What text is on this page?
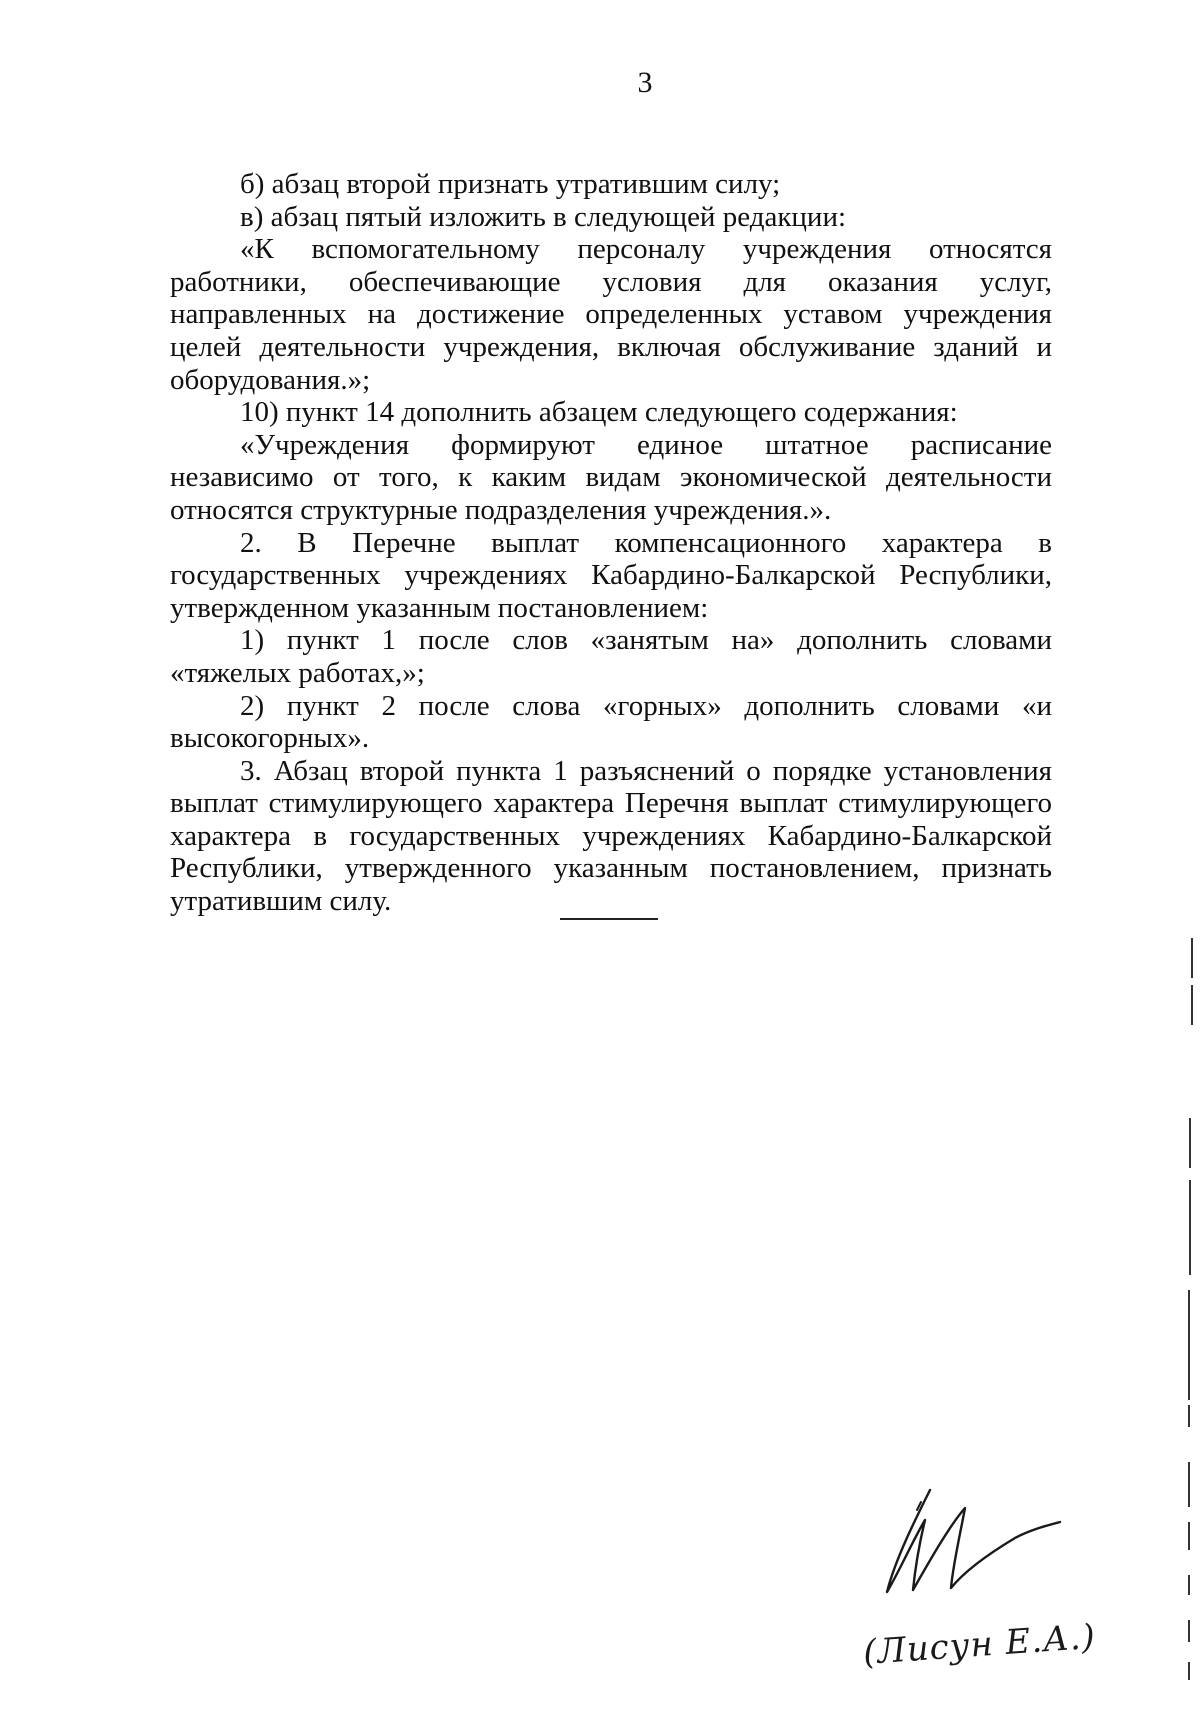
3

б) абзац второй признать утратившим силу;

в) абзац пятый изложить в следующей редакции:

«К вспомогательному персоналу учреждения относятся работники, обеспечивающие условия для оказания услуг, направленных на достижение определенных уставом учреждения целей деятельности учреждения, включая обслуживание зданий и оборудования.»;

10) пункт 14 дополнить абзацем следующего содержания:

«Учреждения формируют единое штатное расписание независимо от того, к каким видам экономической деятельности относятся структурные подразделения учреждения.».

2. В Перечне выплат компенсационного характера в государственных учреждениях Кабардино-Балкарской Республики, утвержденном указанным постановлением:

1) пункт 1 после слов «занятым на» дополнить словами «тяжелых работах,»;

2) пункт 2 после слова «горных» дополнить словами «и высокогорных».

3. Абзац второй пункта 1 разъяснений о порядке установления выплат стимулирующего характера Перечня выплат стимулирующего характера в государственных учреждениях Кабардино-Балкарской Республики, утвержденного указанным постановлением, признать утратившим силу.

(Лисун Е.А.)
